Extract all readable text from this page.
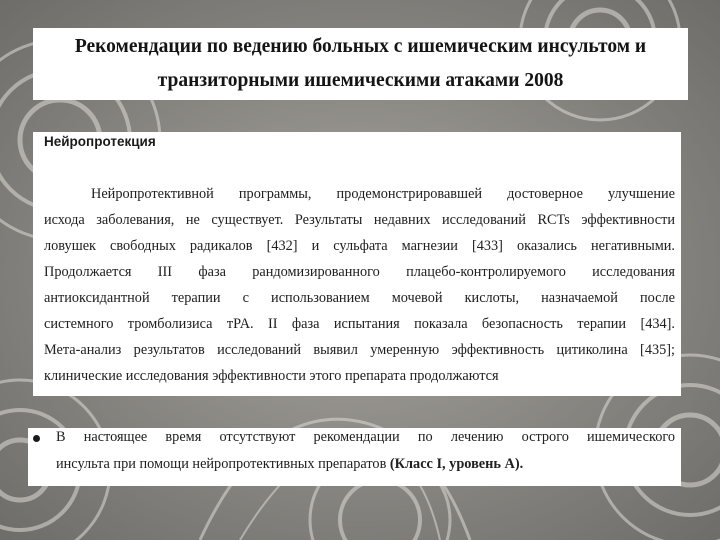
Рекомендации по ведению больных с ишемическим инсультом и
транзиторными ишемическими атаками 2008
Нейропротекция
Нейропротективной программы, продемонстрировавшей достоверное улучшение
исхода заболевания, не существует. Результаты недавних исследований RCTs эффективности
ловушек свободных радикалов [432] и сульфата магнезии [433] оказались негативными.
Продолжается III фаза рандомизированного плацебо-контролируемого исследования
антиоксидантной терапии с использованием мочевой кислоты, назначаемой после
системного тромболизиса тPA. II фаза испытания показала безопасность терапии [434].
Мета-анализ результатов исследований выявил умеренную эффективность цитиколина [435];
клинические исследования эффективности этого препарата продолжаются
В настоящее время отсутствуют рекомендации по лечению острого ишемического
инсульта при помощи нейропротективных препаратов (Класс I, уровень А).
